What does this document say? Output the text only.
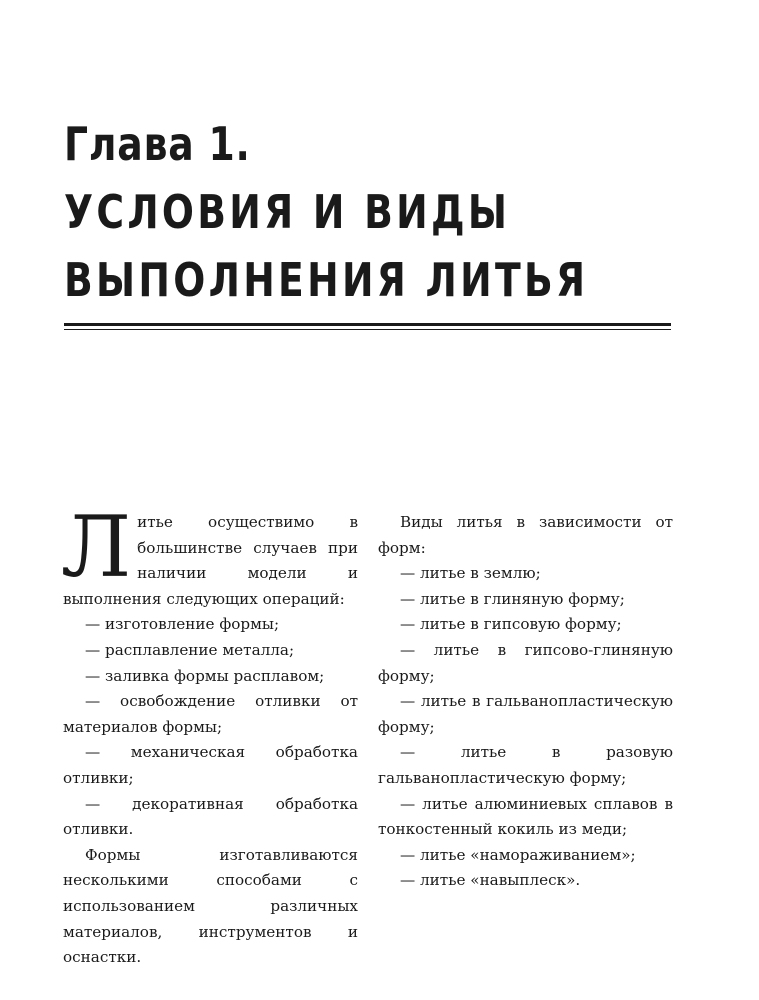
Глава 1.
УСЛОВИЯ И ВИДЫ
ВЫПОЛНЕНИЯ ЛИТЬЯ

Литье осуществимо в большинстве случаев при наличии модели и выполнения следующих операций:

— изготовление формы;

— расплавление металла;

— заливка формы расплавом;

— освобождение отливки от материалов формы;

— механическая обработка отливки;

— декоративная обработка отливки.

Формы изготавливаются несколькими способами с использованием различных материалов, инструментов и оснастки.

Виды литья в зависимости от форм:

— литье в землю;

— литье в глиняную форму;

— литье в гипсовую форму;

— литье в гипсово-глиняную форму;

— литье в гальванопластическую форму;

— литье в разовую гальванопластическую форму;

— литье алюминиевых сплавов в тонкостенный кокиль из меди;

— литье «намораживанием»;

— литье «навыплеск».
